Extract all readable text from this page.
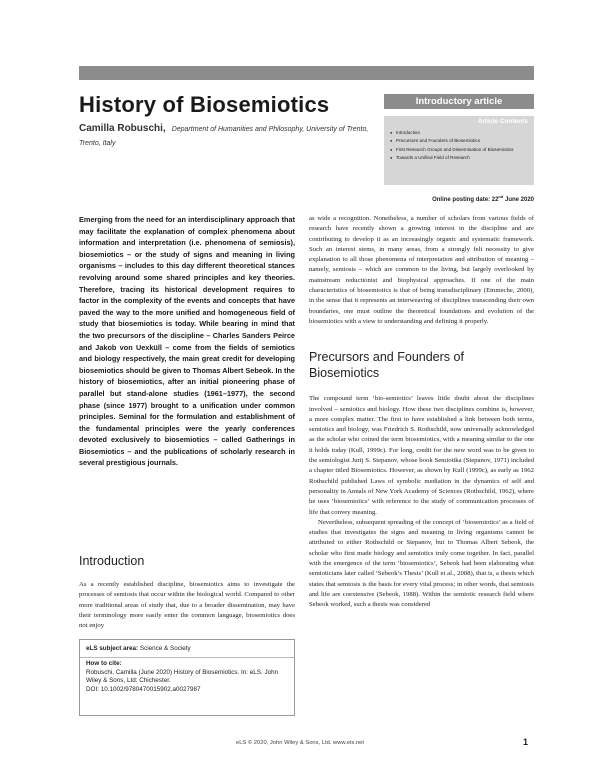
History of Biosemiotics
Camilla Robuschi, Department of Humanities and Philosophy, University of Trento, Trento, Italy
Introductory article
Article Contents
● Introduction
● Precursors and Founders of Biosemiotics
● First Research Groups and Dissemination of Biosemiotics
● Towards a Unified Field of Research
Online posting date: 22nd June 2020

Emerging from the need for an interdisciplinary approach that may facilitate the explanation of complex phenomena about information and interpretation (i.e. phenomena of semiosis), biosemiotics – or the study of signs and meaning in living organisms – includes to this day different theoretical stances revolving around some shared principles and key theories. Therefore, tracing its historical development requires to factor in the complexity of the events and concepts that have paved the way to the more unified and homogeneous field of study that biosemiotics is today. While bearing in mind that the two precursors of the discipline – Charles Sanders Peirce and Jakob von Uexküll – come from the fields of semiotics and biology respectively, the main great credit for developing biosemiotics should be given to Thomas Albert Sebeok. In the history of biosemiotics, after an initial pioneering phase of parallel but stand-alone studies (1961–1977), the second phase (since 1977) brought to a unification under common principles. Seminal for the formulation and establishment of the fundamental principles were the yearly conferences devoted exclusively to biosemiotics – called Gatherings in Biosemiotics – and the publications of scholarly research in several prestigious journals.

Introduction

As a recently established discipline, biosemiotics aims to investigate the processes of semiosis that occur within the biological world. Compared to other more traditional areas of study that, due to a broader dissemination, may have their terminology more easily enter the common language, biosemiotics does not enjoy

eLS subject area: Science & Society
How to cite:
Robuschi, Camilla (June 2020) History of Biosemiotics. In: eLS. John Wiley & Sons, Ltd: Chichester.
DOI: 10.1002/9780470015902.a0027987

as wide a recognition. Nonetheless, a number of scholars from various fields of research have recently shown a growing interest in the discipline and are contributing to develop it as an increasingly organic and systematic framework. Such an interest stems, in many areas, from a strongly felt necessity to give explanation to all those phenomena of interpretation and attribution of meaning – namely, semiosis – which are common to the living, but largely overlooked by mainstream reductionist and biophysical approaches. If one of the main characteristics of biosemiotics is that of being transdisciplinary (Emmeche, 2000), in the sense that it represents an interweaving of disciplines transcending their own boundaries, one must outline the theoretical foundations and evolution of the biosemiotics with a view to understanding and defining it properly.

Precursors and Founders of Biosemiotics

The compound term ‘bio-semiotics’ leaves little doubt about the disciplines involved – semiotics and biology. How these two disciplines combine is, however, a more complex matter. The first to have established a link between both terms, semiotics and biology, was Friedrich S. Rothschild, now universally acknowledged as the scholar who coined the term biosemiotics, with a meaning similar to the one it holds today (Kull, 1999c). For long, credit for the new word was to be given to the semiologist Jurij S. Stepanov, whose book Semiotika (Stepanov, 1971) included a chapter titled Biosemiotics. However, as shown by Kull (1999c), as early as 1962 Rothschild published Laws of symbolic mediation in the dynamics of self and personality in Annals of New York Academy of Sciences (Rothschild, 1962), where he uses ‘biosemiotics’ with reference to the study of communication processes of life that convey meaning.

Nevertheless, subsequent spreading of the concept of ‘biosemiotics’ as a field of studies that investigates the signs and meaning in living organisms cannot be attributed to either Rothschild or Stepanov, but to Thomas Albert Sebeok, the scholar who first made biology and semiotics truly come together. In fact, parallel with the emergence of the term ‘biosemiotics’, Sebeok had been elaborating what semioticians later called ‘Sebeok’s Thesis’ (Kull et al., 2008), that is, a thesis which states that semiosis is the basis for every vital process; in other words, that semiosis and life are coextensive (Sebeok, 1988). Within the semiotic research field where Sebeok worked, such a thesis was considered

eLS © 2020, John Wiley & Sons, Ltd. www.els.net	1
